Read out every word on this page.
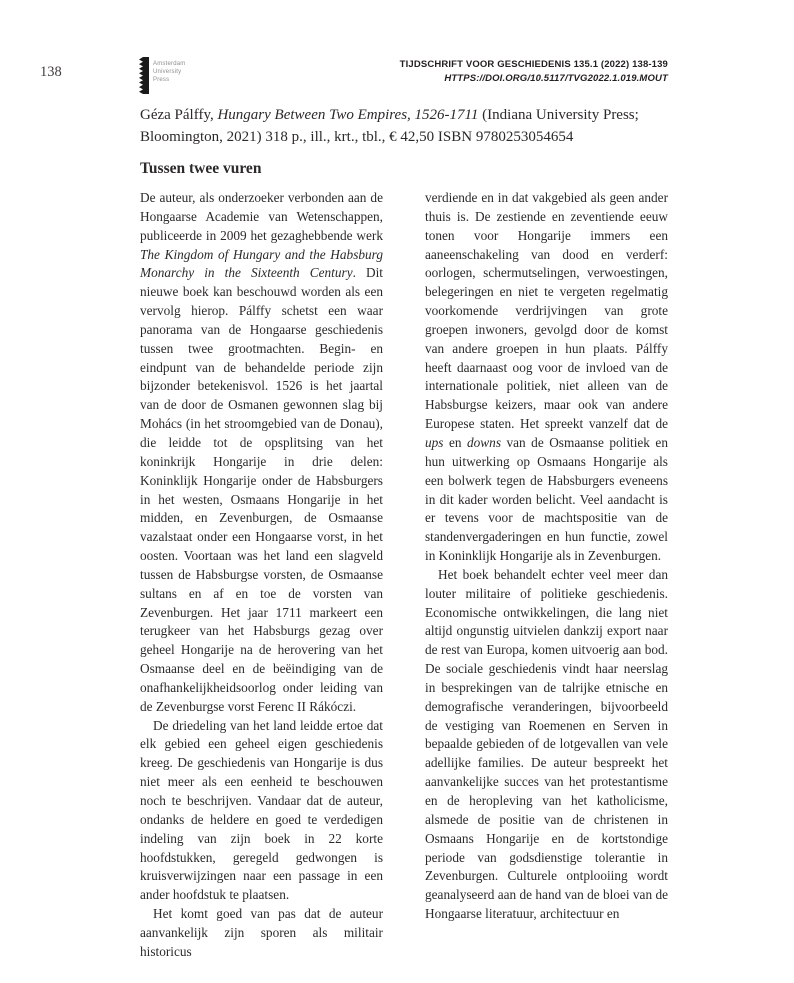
138	Amsterdam
University
Press
TIJDSCHRIFT VOOR GESCHIEDENIS 135.1 (2022) 138-139
HTTPS://DOI.ORG/10.5117/TVG2022.1.019.MOUT
Géza Pálffy, Hungary Between Two Empires, 1526-1711 (Indiana University Press; Bloomington, 2021) 318 p., ill., krt., tbl., € 42,50 ISBN 9780253054654
Tussen twee vuren

De auteur, als onderzoeker verbonden aan de Hongaarse Academie van Wetenschappen, publiceerde in 2009 het gezaghebbende werk The Kingdom of Hungary and the Habsburg Monarchy in the Sixteenth Century. Dit nieuwe boek kan beschouwd worden als een vervolg hierop. Pálffy schetst een waar panorama van de Hongaarse geschiedenis tussen twee grootmachten. Begin- en eindpunt van de behandelde periode zijn bijzonder betekenisvol. 1526 is het jaartal van de door de Osmanen gewonnen slag bij Mohács (in het stroomgebied van de Donau), die leidde tot de opsplitsing van het koninkrijk Hongarije in drie delen: Koninklijk Hongarije onder de Habsburgers in het westen, Osmaans Hongarije in het midden, en Zevenburgen, de Osmaanse vazalstaat onder een Hongaarse vorst, in het oosten. Voortaan was het land een slagveld tussen de Habsburgse vorsten, de Osmaanse sultans en af en toe de vorsten van Zevenburgen. Het jaar 1711 markeert een terugkeer van het Habsburgs gezag over geheel Hongarije na de herovering van het Osmaanse deel en de beëindiging van de onafhankelijkheidsoorlog onder leiding van de Zevenburgse vorst Ferenc II Rákóczi.

De driedeling van het land leidde ertoe dat elk gebied een geheel eigen geschiedenis kreeg. De geschiedenis van Hongarije is dus niet meer als een eenheid te beschouwen noch te beschrijven. Vandaar dat de auteur, ondanks de heldere en goed te verdedigen indeling van zijn boek in 22 korte hoofdstukken, geregeld gedwongen is kruisverwijzingen naar een passage in een ander hoofdstuk te plaatsen.

Het komt goed van pas dat de auteur aanvankelijk zijn sporen als militair historicus

verdiende en in dat vakgebied als geen ander thuis is. De zestiende en zeventiende eeuw tonen voor Hongarije immers een aaneenschakeling van dood en verderf: oorlogen, schermutselingen, verwoestingen, belegeringen en niet te vergeten regelmatig voorkomende verdrijvingen van grote groepen inwoners, gevolgd door de komst van andere groepen in hun plaats. Pálffy heeft daarnaast oog voor de invloed van de internationale politiek, niet alleen van de Habsburgse keizers, maar ook van andere Europese staten. Het spreekt vanzelf dat de ups en downs van de Osmaanse politiek en hun uitwerking op Osmaans Hongarije als een bolwerk tegen de Habsburgers eveneens in dit kader worden belicht. Veel aandacht is er tevens voor de machtspositie van de standenvergaderingen en hun functie, zowel in Koninklijk Hongarije als in Zevenburgen.

Het boek behandelt echter veel meer dan louter militaire of politieke geschiedenis. Economische ontwikkelingen, die lang niet altijd ongunstig uitvielen dankzij export naar de rest van Europa, komen uitvoerig aan bod. De sociale geschiedenis vindt haar neerslag in besprekingen van de talrijke etnische en demografische veranderingen, bijvoorbeeld de vestiging van Roemenen en Serven in bepaalde gebieden of de lotgevallen van vele adellijke families. De auteur bespreekt het aanvankelijke succes van het protestantisme en de heropleving van het katholicisme, alsmede de positie van de christenen in Osmaans Hongarije en de kortstondige periode van godsdienstige tolerantie in Zevenburgen. Culturele ontplooiing wordt geanalyseerd aan de hand van de bloei van de Hongaarse literatuur, architectuur en
